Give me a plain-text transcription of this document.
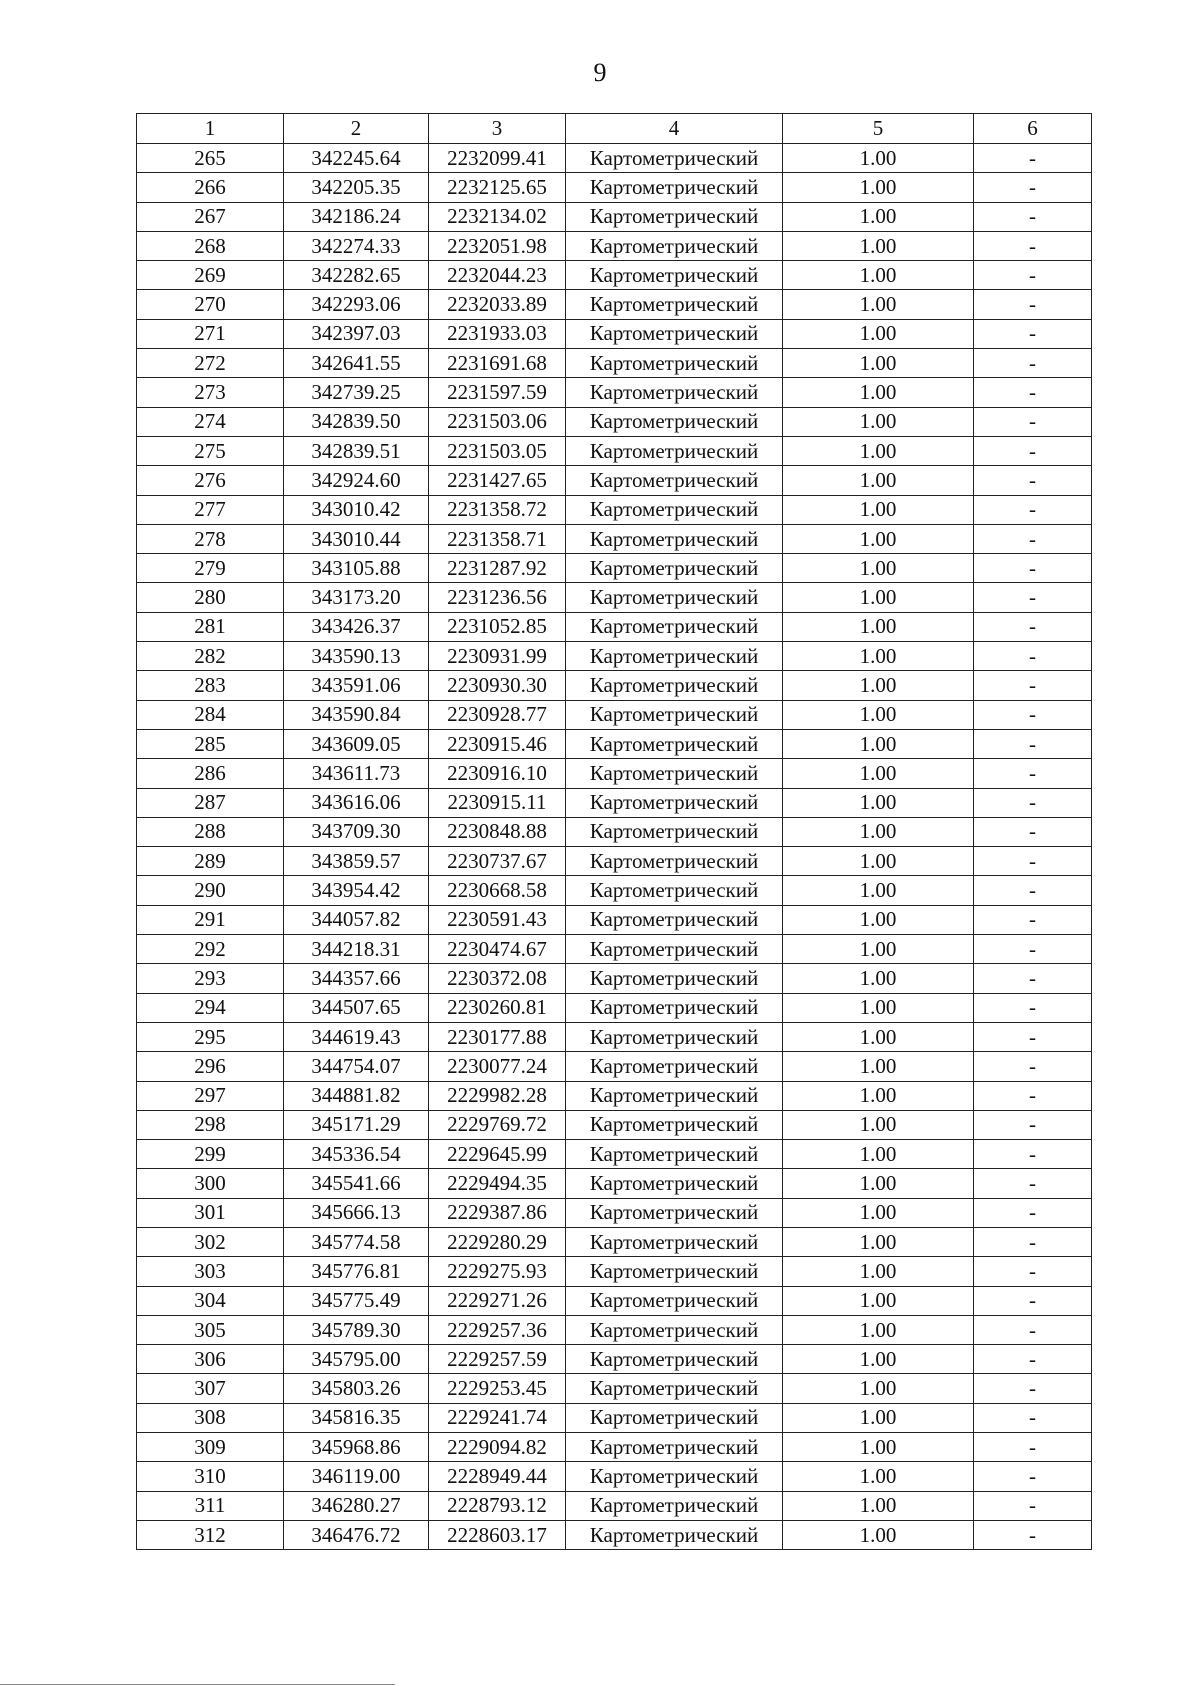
9
1	2	3	4	5	6
265	342245.64	2232099.41	Картометрический	1.00	-
266	342205.35	2232125.65	Картометрический	1.00	-
267	342186.24	2232134.02	Картометрический	1.00	-
268	342274.33	2232051.98	Картометрический	1.00	-
269	342282.65	2232044.23	Картометрический	1.00	-
270	342293.06	2232033.89	Картометрический	1.00	-
271	342397.03	2231933.03	Картометрический	1.00	-
272	342641.55	2231691.68	Картометрический	1.00	-
273	342739.25	2231597.59	Картометрический	1.00	-
274	342839.50	2231503.06	Картометрический	1.00	-
275	342839.51	2231503.05	Картометрический	1.00	-
276	342924.60	2231427.65	Картометрический	1.00	-
277	343010.42	2231358.72	Картометрический	1.00	-
278	343010.44	2231358.71	Картометрический	1.00	-
279	343105.88	2231287.92	Картометрический	1.00	-
280	343173.20	2231236.56	Картометрический	1.00	-
281	343426.37	2231052.85	Картометрический	1.00	-
282	343590.13	2230931.99	Картометрический	1.00	-
283	343591.06	2230930.30	Картометрический	1.00	-
284	343590.84	2230928.77	Картометрический	1.00	-
285	343609.05	2230915.46	Картометрический	1.00	-
286	343611.73	2230916.10	Картометрический	1.00	-
287	343616.06	2230915.11	Картометрический	1.00	-
288	343709.30	2230848.88	Картометрический	1.00	-
289	343859.57	2230737.67	Картометрический	1.00	-
290	343954.42	2230668.58	Картометрический	1.00	-
291	344057.82	2230591.43	Картометрический	1.00	-
292	344218.31	2230474.67	Картометрический	1.00	-
293	344357.66	2230372.08	Картометрический	1.00	-
294	344507.65	2230260.81	Картометрический	1.00	-
295	344619.43	2230177.88	Картометрический	1.00	-
296	344754.07	2230077.24	Картометрический	1.00	-
297	344881.82	2229982.28	Картометрический	1.00	-
298	345171.29	2229769.72	Картометрический	1.00	-
299	345336.54	2229645.99	Картометрический	1.00	-
300	345541.66	2229494.35	Картометрический	1.00	-
301	345666.13	2229387.86	Картометрический	1.00	-
302	345774.58	2229280.29	Картометрический	1.00	-
303	345776.81	2229275.93	Картометрический	1.00	-
304	345775.49	2229271.26	Картометрический	1.00	-
305	345789.30	2229257.36	Картометрический	1.00	-
306	345795.00	2229257.59	Картометрический	1.00	-
307	345803.26	2229253.45	Картометрический	1.00	-
308	345816.35	2229241.74	Картометрический	1.00	-
309	345968.86	2229094.82	Картометрический	1.00	-
310	346119.00	2228949.44	Картометрический	1.00	-
311	346280.27	2228793.12	Картометрический	1.00	-
312	346476.72	2228603.17	Картометрический	1.00	-
